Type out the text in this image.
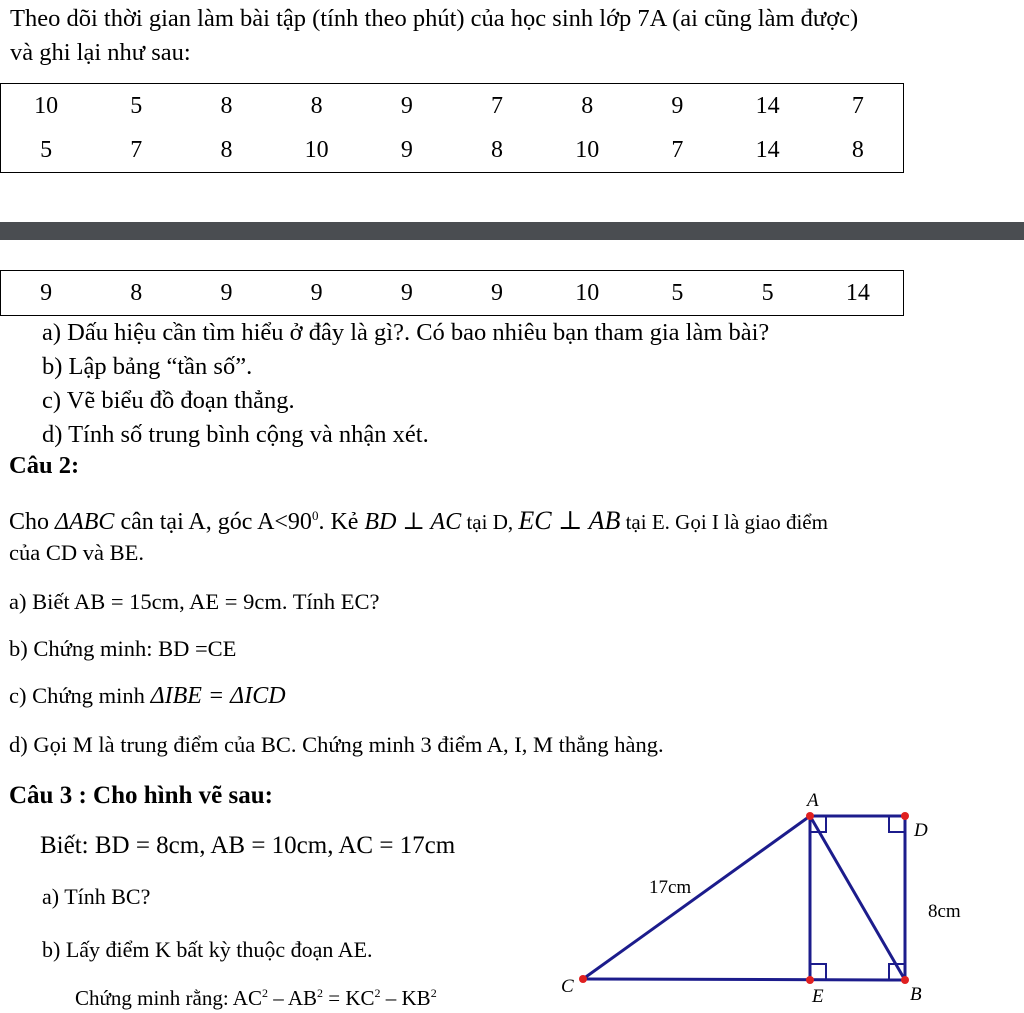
Theo dõi thời gian làm bài tập (tính theo phút) của học sinh lớp 7A (ai cũng làm được)
và ghi lại như sau:
10	5	8	8	9	7	8	9	14	7
5	7	8	10	9	8	10	7	14	8
9	8	9	9	9	9	10	5	5	14
a) Dấu hiệu cần tìm hiểu ở đây là gì?. Có bao nhiêu bạn tham gia làm bài?
b) Lập bảng “tần số”.
c) Vẽ biểu đồ đoạn thẳng.
d) Tính số trung bình cộng và nhận xét.
Câu 2:
Cho ΔABC cân tại A, góc $A<90^0$. Kẻ BD ⊥ AC tại D, EC ⊥ AB tại E. Gọi I là giao điểm
của CD và BE.
a) Biết AB = 15cm, AE = 9cm. Tính EC?
b) Chứng minh: BD =CE
c) Chứng minh ΔIBE = ΔICD
d) Gọi M là trung điểm của BC. Chứng minh 3 điểm A, I, M thẳng hàng.
Câu 3 : Cho hình vẽ sau:
Biết: BD = 8cm, AB = 10cm, AC = 17cm
a) Tính BC?
b) Lấy điểm K bất kỳ thuộc đoạn AE.
Chứng minh rằng: $AC^2 - AB^2 = KC^2 - KB^2$
A
D
B
E
C
17cm
8cm
